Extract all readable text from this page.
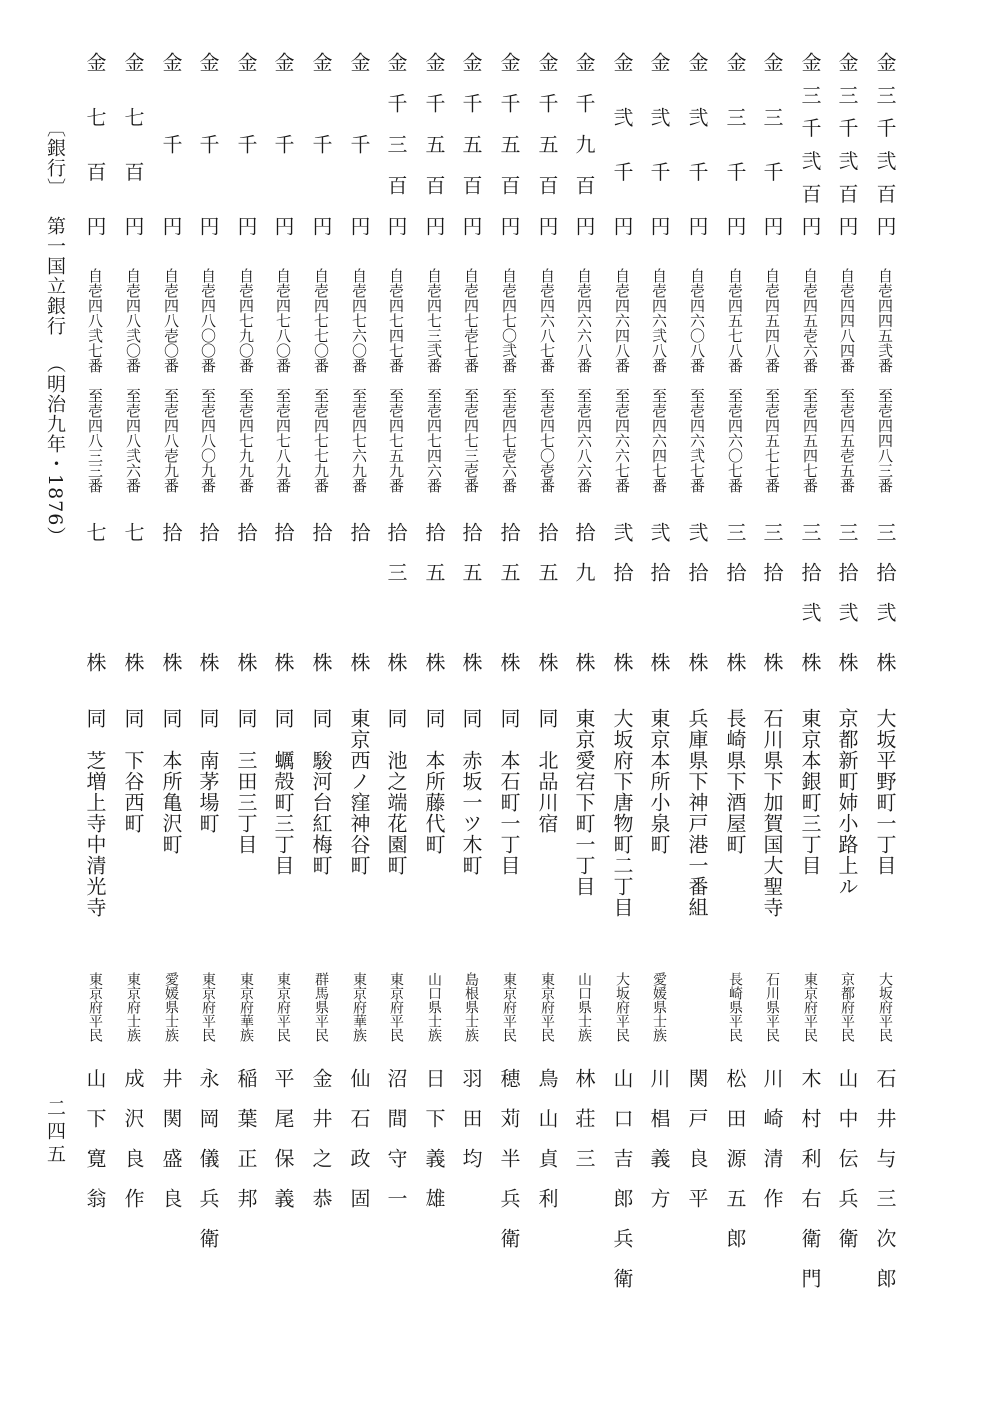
〔銀行〕第一国立銀行（明治九年・1876）
二四五
金三千弐百円
自壱四四五弐番　至壱四四八三番
三拾弐
株
大坂平野町一丁目
大坂府平民
石井与三次郎
金三千弐百円
自壱四四八四番　至壱四五壱五番
三拾弐
株
京都新町姉小路上ル
京都府平民
山中伝兵衛
金三千弐百円
自壱四五壱六番　至壱四五四七番
三拾弐
株
東京本銀町三丁目
東京府平民
木村利右衛門
金三千円
自壱四五四八番　至壱四五七七番
三拾
株
石川県下加賀国大聖寺
石川県平民
川崎清作
金三千円
自壱四五七八番　至壱四六〇七番
三拾
株
長崎県下酒屋町
長崎県平民
松田源五郎
金弐千円
自壱四六〇八番　至壱四六弐七番
弐拾
株
兵庫県下神戸港一番組
関戸良平
金弐千円
自壱四六弐八番　至壱四六四七番
弐拾
株
東京本所小泉町
愛媛県士族
川椙義方
金弐千円
自壱四六四八番　至壱四六六七番
弐拾
株
大坂府下唐物町二丁目
大坂府平民
山口吉郎兵衛
金千九百円
自壱四六六八番　至壱四六八六番
拾九
株
東京愛宕下町一丁目
山口県士族
林荘三
金千五百円
自壱四六八七番　至壱四七〇壱番
拾五
株
同　北品川宿
東京府平民
鳥山貞利
金千五百円
自壱四七〇弐番　至壱四七壱六番
拾五
株
同　本石町一丁目
東京府平民
穂苅半兵衛
金千五百円
自壱四七壱七番　至壱四七三壱番
拾五
株
同　赤坂一ツ木町
島根県士族
羽田均
金千五百円
自壱四七三弐番　至壱四七四六番
拾五
株
同　本所藤代町
山口県士族
日下義雄
金千三百円
自壱四七四七番　至壱四七五九番
拾三
株
同　池之端花園町
東京府平民
沼間守一
金千円
自壱四七六〇番　至壱四七六九番
拾
株
東京西ノ窪神谷町
東京府華族
仙石政固
金千円
自壱四七七〇番　至壱四七七九番
拾
株
同　駿河台紅梅町
群馬県平民
金井之恭
金千円
自壱四七八〇番　至壱四七八九番
拾
株
同　蠣殻町三丁目
東京府平民
平尾保義
金千円
自壱四七九〇番　至壱四七九九番
拾
株
同　三田三丁目
東京府華族
稲葉正邦
金千円
自壱四八〇〇番　至壱四八〇九番
拾
株
同　南茅場町
東京府平民
永岡儀兵衛
金千円
自壱四八壱〇番　至壱四八壱九番
拾
株
同　本所亀沢町
愛媛県士族
井関盛良
金七百円
自壱四八弐〇番　至壱四八弐六番
七
株
同　下谷西町
東京府士族
成沢良作
金七百円
自壱四八弐七番　至壱四八三三番
七
株
同　芝増上寺中清光寺
東京府平民
山下寛翁
